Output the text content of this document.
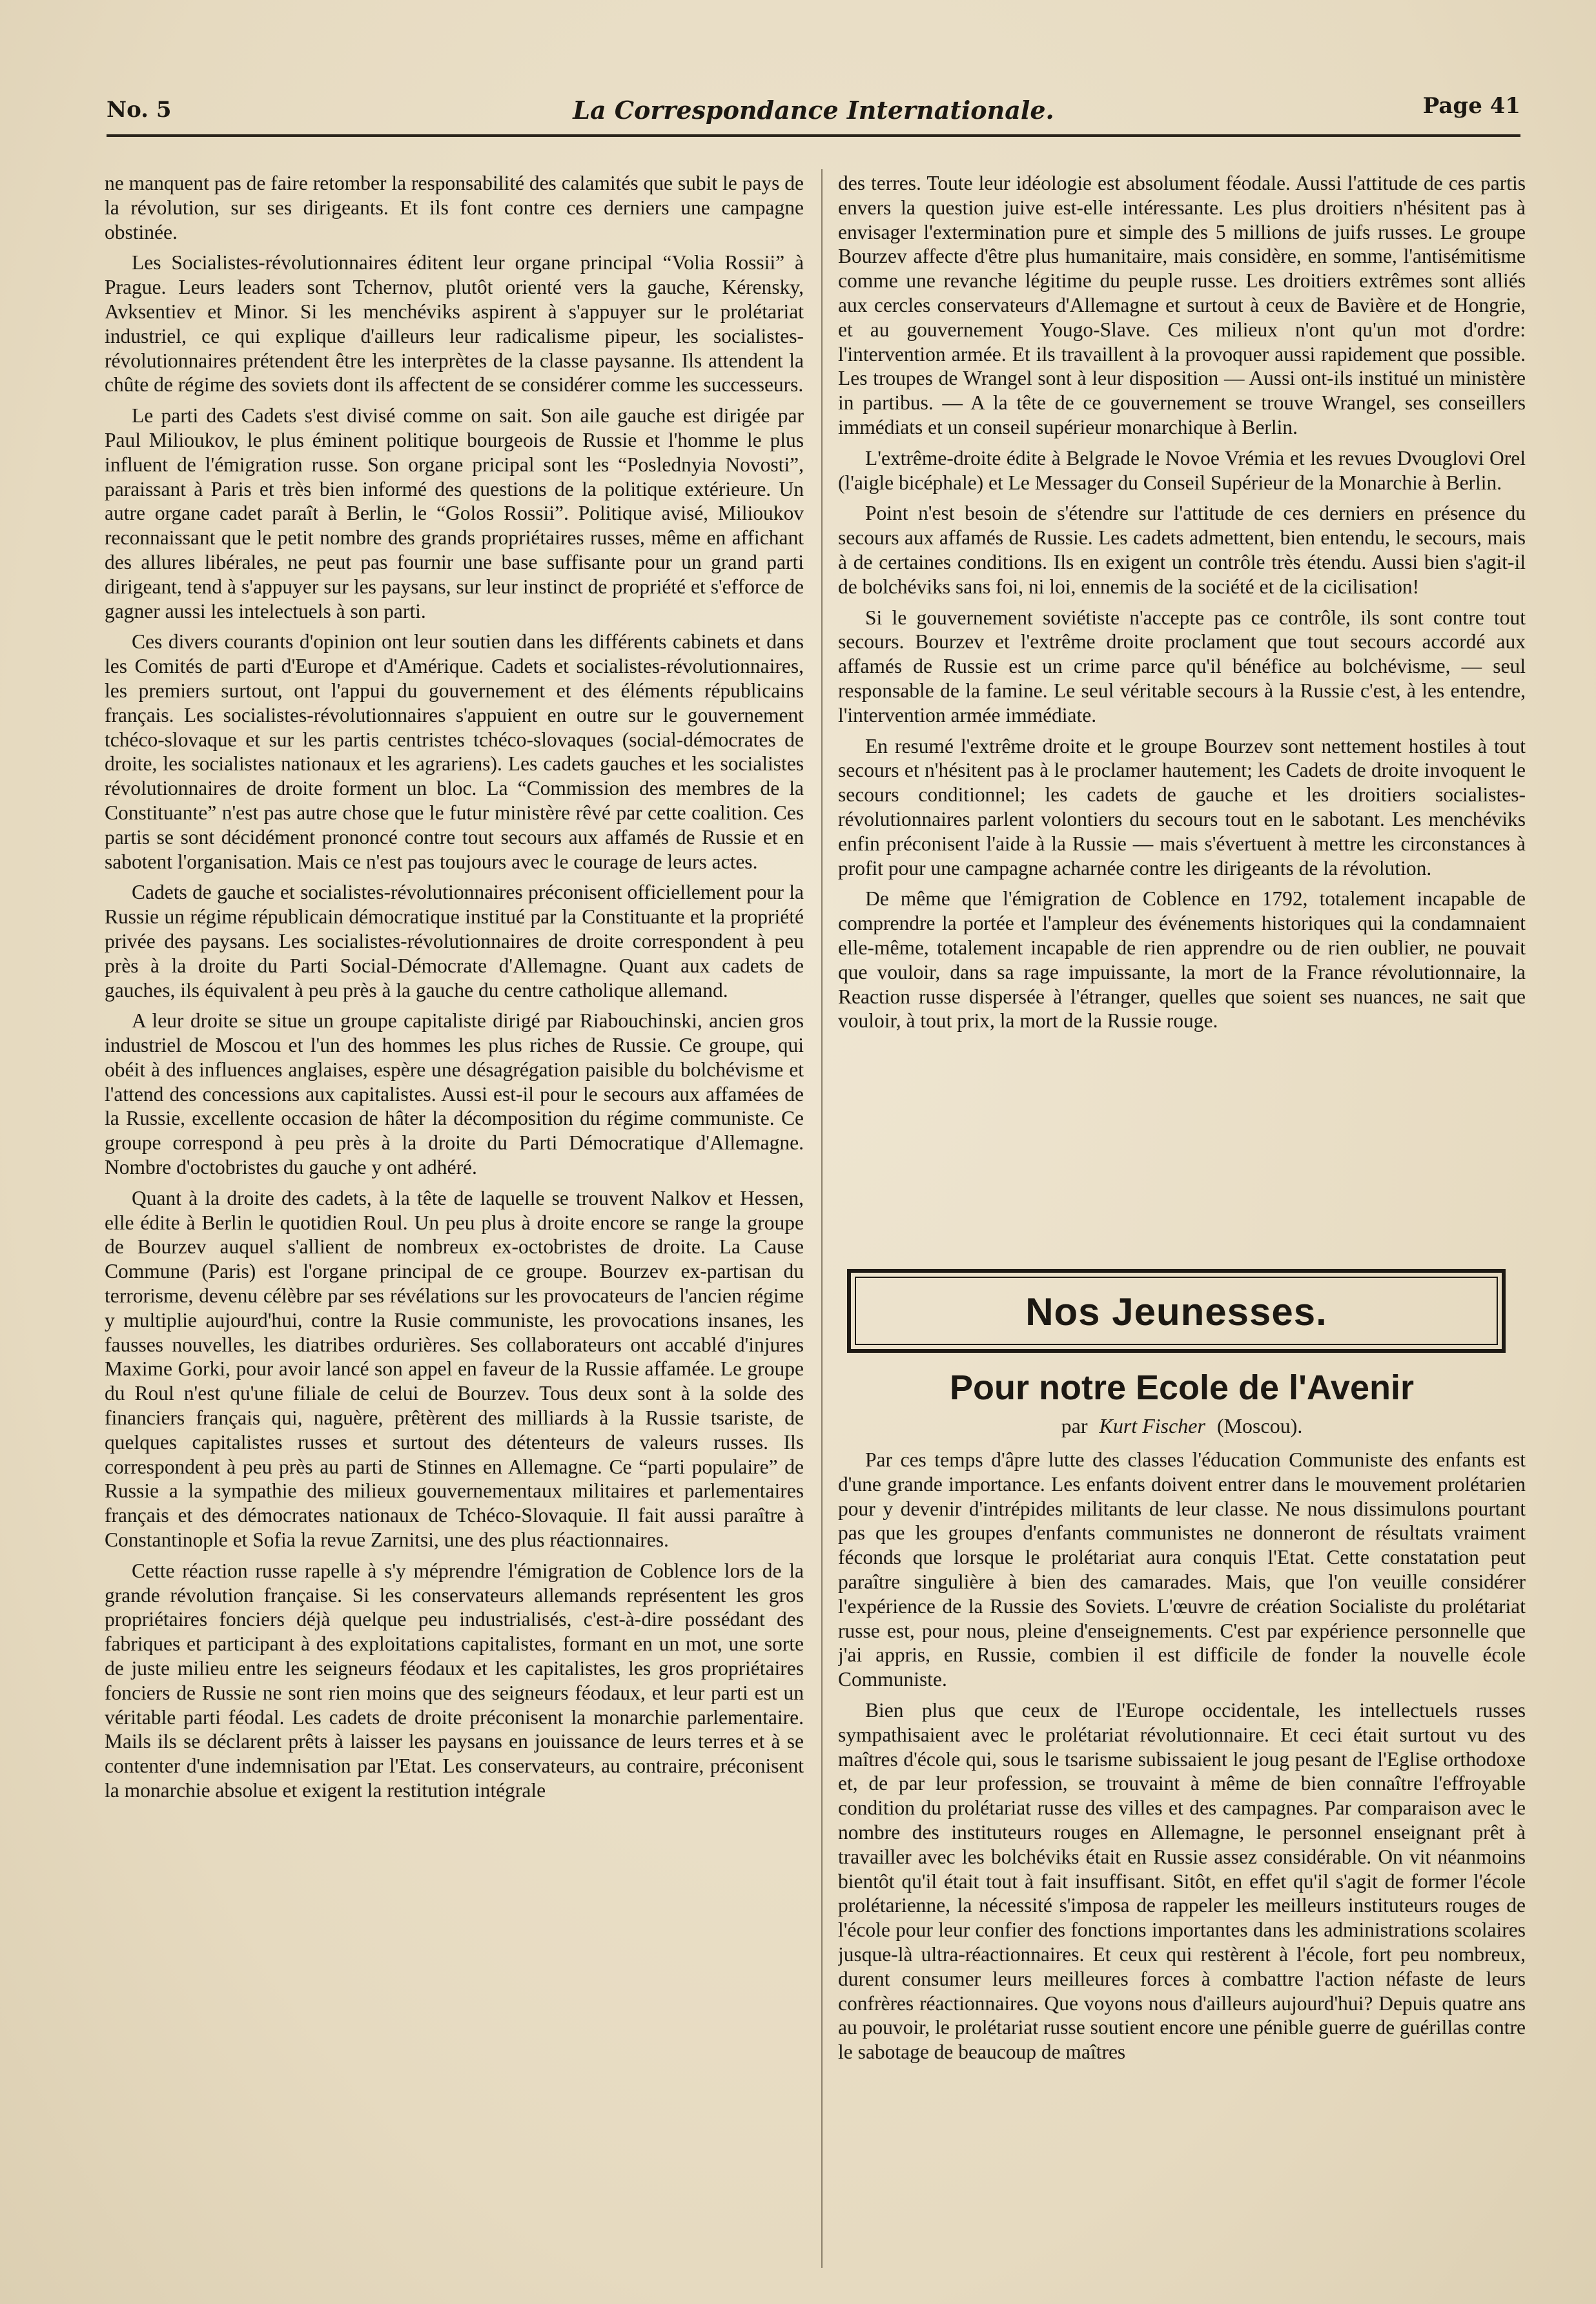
No. 5	La Correspondance Internationale.	Page 41

ne manquent pas de faire retomber la responsabilité des calamités que subit le pays de la révolution, sur ses dirigeants. Et ils font contre ces derniers une campagne obstinée.

Les Socialistes-révolutionnaires éditent leur organe principal “Volia Rossii” à Prague. Leurs leaders sont Tchernov, plutôt orienté vers la gauche, Kérensky, Avksentiev et Minor. Si les menchéviks aspirent à s'appuyer sur le prolétariat industriel, ce qui explique d'ailleurs leur radicalisme pipeur, les socialistes-révolutionnaires prétendent être les interprètes de la classe paysanne. Ils attendent la chûte de régime des soviets dont ils affectent de se considérer comme les successeurs.

Le parti des Cadets s'est divisé comme on sait. Son aile gauche est dirigée par Paul Milioukov, le plus éminent politique bourgeois de Russie et l'homme le plus influent de l'émigration russe. Son organe pricipal sont les “Poslednyia Novosti”, paraissant à Paris et très bien informé des questions de la politique extérieure. Un autre organe cadet paraît à Berlin, le “Golos Rossii”. Politique avisé, Milioukov reconnaissant que le petit nombre des grands propriétaires russes, même en affichant des allures libérales, ne peut pas fournir une base suffisante pour un grand parti dirigeant, tend à s'appuyer sur les paysans, sur leur instinct de propriété et s'efforce de gagner aussi les intelectuels à son parti.

Ces divers courants d'opinion ont leur soutien dans les différents cabinets et dans les Comités de parti d'Europe et d'Amérique. Cadets et socialistes-révolutionnaires, les premiers surtout, ont l'appui du gouvernement et des éléments républicains français. Les socialistes-révolutionnaires s'appuient en outre sur le gouvernement tchéco-slovaque et sur les partis centristes tchéco-slovaques (social-démocrates de droite, les socialistes nationaux et les agrariens). Les cadets gauches et les socialistes révolutionnaires de droite forment un bloc. La “Commission des membres de la Constituante” n'est pas autre chose que le futur ministère rêvé par cette coalition. Ces partis se sont décidément prononcé contre tout secours aux affamés de Russie et en sabotent l'organisation. Mais ce n'est pas toujours avec le courage de leurs actes.

Cadets de gauche et socialistes-révolutionnaires préconisent officiellement pour la Russie un régime républicain démocratique institué par la Constituante et la propriété privée des paysans. Les socialistes-révolutionnaires de droite correspondent à peu près à la droite du Parti Social-Démocrate d'Allemagne. Quant aux cadets de gauches, ils équivalent à peu près à la gauche du centre catholique allemand.

A leur droite se situe un groupe capitaliste dirigé par Riabouchinski, ancien gros industriel de Moscou et l'un des hommes les plus riches de Russie. Ce groupe, qui obéit à des influences anglaises, espère une désagrégation paisible du bolchévisme et l'attend des concessions aux capitalistes. Aussi est-il pour le secours aux affamées de la Russie, excellente occasion de hâter la décomposition du régime communiste. Ce groupe correspond à peu près à la droite du Parti Démocratique d'Allemagne. Nombre d'octobristes du gauche y ont adhéré.

Quant à la droite des cadets, à la tête de laquelle se trouvent Nalkov et Hessen, elle édite à Berlin le quotidien Roul. Un peu plus à droite encore se range la groupe de Bourzev auquel s'allient de nombreux ex-octobristes de droite. La Cause Commune (Paris) est l'organe principal de ce groupe. Bourzev ex-partisan du terrorisme, devenu célèbre par ses révélations sur les provocateurs de l'ancien régime y multiplie aujourd'hui, contre la Rusie communiste, les provocations insanes, les fausses nouvelles, les diatribes ordurières. Ses collaborateurs ont accablé d'injures Maxime Gorki, pour avoir lancé son appel en faveur de la Russie affamée. Le groupe du Roul n'est qu'une filiale de celui de Bourzev. Tous deux sont à la solde des financiers français qui, naguère, prêtèrent des milliards à la Russie tsariste, de quelques capitalistes russes et surtout des détenteurs de valeurs russes. Ils correspondent à peu près au parti de Stinnes en Allemagne. Ce “parti populaire” de Russie a la sympathie des milieux gouvernementaux militaires et parlementaires français et des démocrates nationaux de Tchéco-Slovaquie. Il fait aussi paraître à Constantinople et Sofia la revue Zarnitsi, une des plus réactionnaires.

Cette réaction russe rapelle à s'y méprendre l'émigration de Coblence lors de la grande révolution française. Si les conservateurs allemands représentent les gros propriétaires fonciers déjà quelque peu industrialisés, c'est-à-dire possédant des fabriques et participant à des exploitations capitalistes, formant en un mot, une sorte de juste milieu entre les seigneurs féodaux et les capitalistes, les gros propriétaires fonciers de Russie ne sont rien moins que des seigneurs féodaux, et leur parti est un véritable parti féodal. Les cadets de droite préconisent la monarchie parlementaire. Mails ils se déclarent prêts à laisser les paysans en jouissance de leurs terres et à se contenter d'une indemnisation par l'Etat. Les conservateurs, au contraire, préconisent la monarchie absolue et exigent la restitution intégrale

des terres. Toute leur idéologie est absolument féodale. Aussi l'attitude de ces partis envers la question juive est-elle intéressante. Les plus droitiers n'hésitent pas à envisager l'extermination pure et simple des 5 millions de juifs russes. Le groupe Bourzev affecte d'être plus humanitaire, mais considère, en somme, l'antisémitisme comme une revanche légitime du peuple russe. Les droitiers extrêmes sont alliés aux cercles conservateurs d'Allemagne et surtout à ceux de Bavière et de Hongrie, et au gouvernement Yougo-Slave. Ces milieux n'ont qu'un mot d'ordre: l'intervention armée. Et ils travaillent à la provoquer aussi rapidement que possible. Les troupes de Wrangel sont à leur disposition — Aussi ont-ils institué un ministère in partibus. — A la tête de ce gouvernement se trouve Wrangel, ses conseillers immédiats et un conseil supérieur monarchique à Berlin.

L'extrême-droite édite à Belgrade le Novoe Vrémia et les revues Dvouglovi Orel (l'aigle bicéphale) et Le Messager du Conseil Supérieur de la Monarchie à Berlin.

Point n'est besoin de s'étendre sur l'attitude de ces derniers en présence du secours aux affamés de Russie. Les cadets admettent, bien entendu, le secours, mais à de certaines conditions. Ils en exigent un contrôle très étendu. Aussi bien s'agit-il de bolchéviks sans foi, ni loi, ennemis de la société et de la cicilisation!

Si le gouvernement soviétiste n'accepte pas ce contrôle, ils sont contre tout secours. Bourzev et l'extrême droite proclament que tout secours accordé aux affamés de Russie est un crime parce qu'il bénéfice au bolchévisme, — seul responsable de la famine. Le seul véritable secours à la Russie c'est, à les entendre, l'intervention armée immédiate.

En resumé l'extrême droite et le groupe Bourzev sont nettement hostiles à tout secours et n'hésitent pas à le proclamer hautement; les Cadets de droite invoquent le secours conditionnel; les cadets de gauche et les droitiers socialistes-révolutionnaires parlent volontiers du secours tout en le sabotant. Les menchéviks enfin préconisent l'aide à la Russie — mais s'évertuent à mettre les circonstances à profit pour une campagne acharnée contre les dirigeants de la révolution.

De même que l'émigration de Coblence en 1792, totalement incapable de comprendre la portée et l'ampleur des événements historiques qui la condamnaient elle-même, totalement incapable de rien apprendre ou de rien oublier, ne pouvait que vouloir, dans sa rage impuissante, la mort de la France révolutionnaire, la Reaction russe dispersée à l'étranger, quelles que soient ses nuances, ne sait que vouloir, à tout prix, la mort de la Russie rouge.

Nos Jeunesses.
Pour notre Ecole de l'Avenir
par Kurt Fischer (Moscou).

Par ces temps d'âpre lutte des classes l'éducation Communiste des enfants est d'une grande importance. Les enfants doivent entrer dans le mouvement prolétarien pour y devenir d'intrépides militants de leur classe. Ne nous dissimulons pourtant pas que les groupes d'enfants communistes ne donneront de résultats vraiment féconds que lorsque le prolétariat aura conquis l'Etat. Cette constatation peut paraître singulière à bien des camarades. Mais, que l'on veuille considérer l'expérience de la Russie des Soviets. L'œuvre de création Socialiste du prolétariat russe est, pour nous, pleine d'enseignements. C'est par expérience personnelle que j'ai appris, en Russie, combien il est difficile de fonder la nouvelle école Communiste.

Bien plus que ceux de l'Europe occidentale, les intellectuels russes sympathisaient avec le prolétariat révolutionnaire. Et ceci était surtout vu des maîtres d'école qui, sous le tsarisme subissaient le joug pesant de l'Eglise orthodoxe et, de par leur profession, se trouvaint à même de bien connaître l'effroyable condition du prolétariat russe des villes et des campagnes. Par comparaison avec le nombre des instituteurs rouges en Allemagne, le personnel enseignant prêt à travailler avec les bolchéviks était en Russie assez considérable. On vit néanmoins bientôt qu'il était tout à fait insuffisant. Sitôt, en effet qu'il s'agit de former l'école prolétarienne, la nécessité s'imposa de rappeler les meilleurs instituteurs rouges de l'école pour leur confier des fonctions importantes dans les administrations scolaires jusque-là ultra-réactionnaires. Et ceux qui restèrent à l'école, fort peu nombreux, durent consumer leurs meilleures forces à combattre l'action néfaste de leurs confrères réactionnaires. Que voyons nous d'ailleurs aujourd'hui? Depuis quatre ans au pouvoir, le prolétariat russe soutient encore une pénible guerre de guérillas contre le sabotage de beaucoup de maîtres
